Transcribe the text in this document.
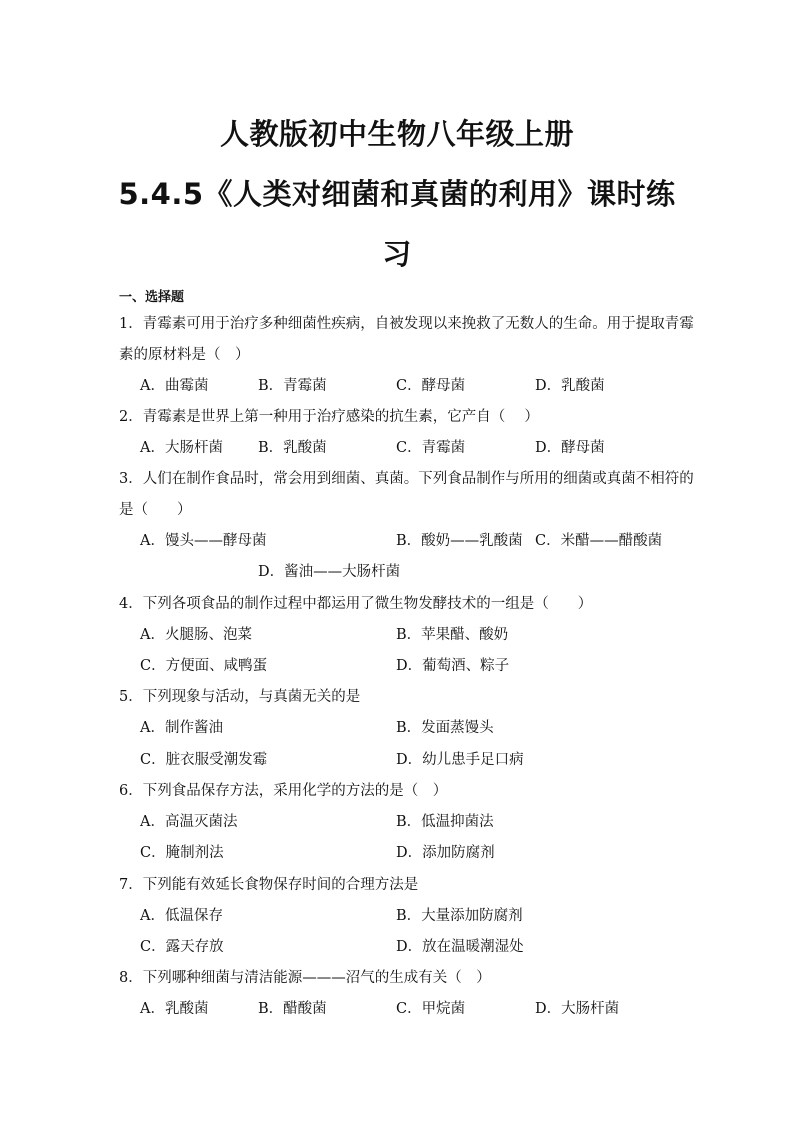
人教版初中生物八年级上册
5.4.5《人类对细菌和真菌的利用》课时练
习
一、选择题
1．青霉素可用于治疗多种细菌性疾病，自被发现以来挽救了无数人的生命。用于提取青霉
素的原材料是（　）
A．曲霉菌	B．青霉菌	C．酵母菌	D．乳酸菌
2．青霉素是世界上第一种用于治疗感染的抗生素，它产自（　 ）
A．大肠杆菌 B．乳酸菌	C．青霉菌	D．酵母菌
3．人们在制作食品时，常会用到细菌、真菌。下列食品制作与所用的细菌或真菌不相符的
是（　　）
A．馒头——酵母菌	B．酸奶——乳酸菌 C．米醋——醋酸菌
D．酱油——大肠杆菌
4．下列各项食品的制作过程中都运用了微生物发酵技术的一组是（　　）
A．火腿肠、泡菜	B．苹果醋、酸奶
C．方便面、咸鸭蛋	D．葡萄酒、粽子
5．下列现象与活动，与真菌无关的是
A．制作酱油	B．发面蒸馒头
C．脏衣服受潮发霉	D．幼儿患手足口病
6．下列食品保存方法，采用化学的方法的是（　）
A．高温灭菌法	B．低温抑菌法
C．腌制剂法	D．添加防腐剂
7．下列能有效延长食物保存时间的合理方法是
A．低温保存	B．大量添加防腐剂
C．露天存放	D．放在温暖潮湿处
8．下列哪种细菌与清洁能源———沼气的生成有关（　）
A．乳酸菌	B．醋酸菌	C．甲烷菌	D．大肠杆菌
